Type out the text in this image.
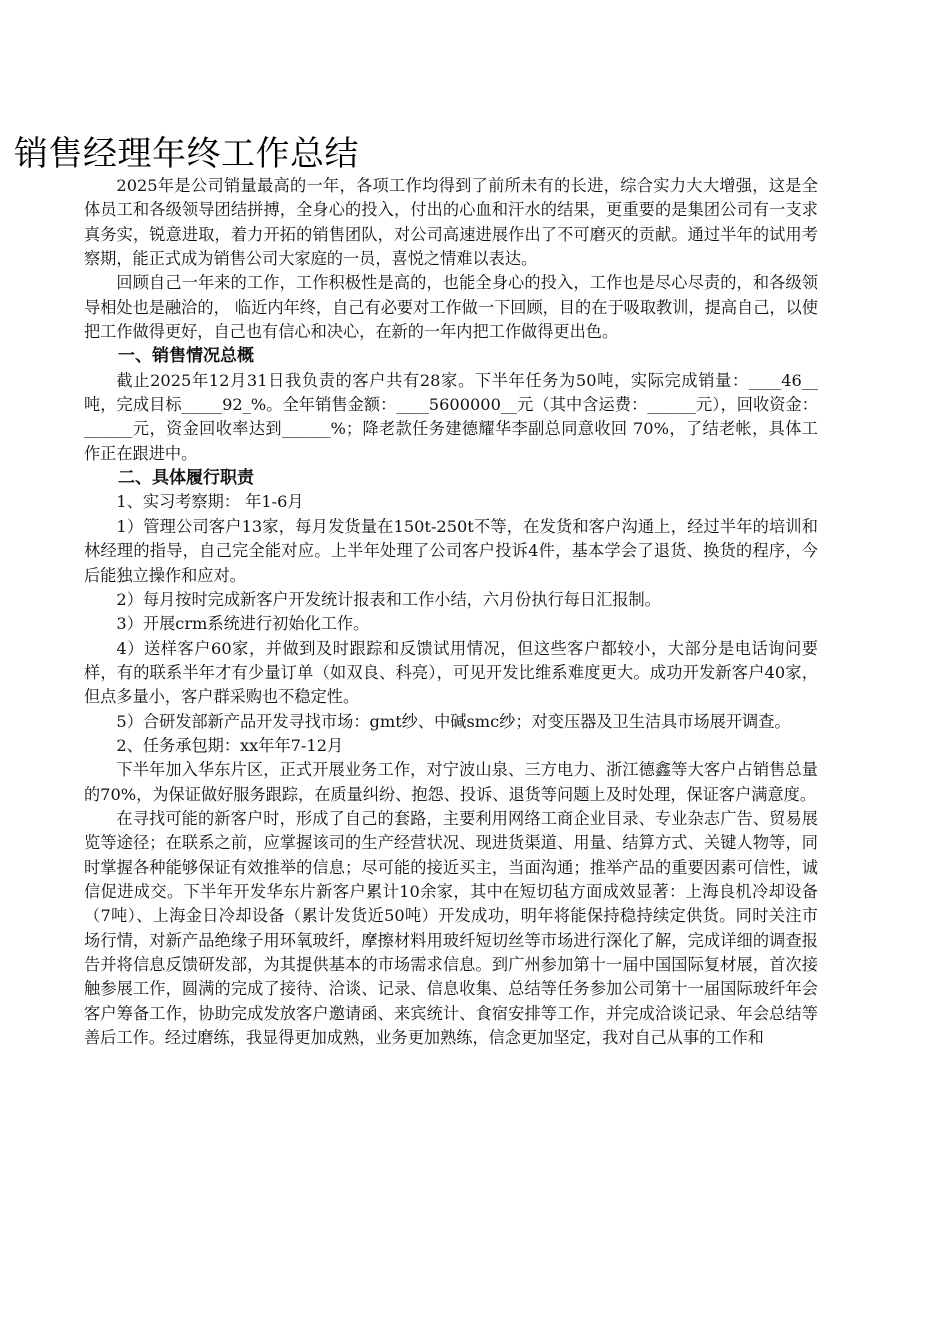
销售经理年终工作总结

2025年是公司销量最高的一年，各项工作均得到了前所未有的长进，综合实力大大增强，这是全体员工和各级领导团结拼搏，全身心的投入，付出的心血和汗水的结果，更重要的是集团公司有一支求真务实，锐意进取，着力开拓的销售团队，对公司高速进展作出了不可磨灭的贡献。通过半年的试用考察期，能正式成为销售公司大家庭的一员，喜悦之情难以表达。

回顾自己一年来的工作，工作积极性是高的，也能全身心的投入，工作也是尽心尽责的，和各级领导相处也是融洽的， 临近内年终，自己有必要对工作做一下回顾，目的在于吸取教训，提高自己，以使把工作做得更好，自己也有信心和决心，在新的一年内把工作做得更出色。

一、销售情况总概

截止2025年12月31日我负责的客户共有28家。下半年任务为50吨，实际完成销量：____46__吨，完成目标_____92_%。全年销售金额：____5600000__元（其中含运费：______元），回收资金：______元，资金回收率达到______%；降老款任务建德耀华李副总同意收回 70%，了结老帐，具体工作正在跟进中。

二、具体履行职责

1、实习考察期： 年1-6月

1）管理公司客户13家，每月发货量在150t-250t不等，在发货和客户沟通上，经过半年的培训和林经理的指导，自己完全能对应。上半年处理了公司客户投诉4件，基本学会了退货、换货的程序，今后能独立操作和应对。

2）每月按时完成新客户开发统计报表和工作小结，六月份执行每日汇报制。

3）开展crm系统进行初始化工作。

4）送样客户60家，并做到及时跟踪和反馈试用情况，但这些客户都较小，大部分是电话询问要样，有的联系半年才有少量订单（如双良、科亮），可见开发比维系难度更大。成功开发新客户40家，但点多量小，客户群采购也不稳定性。

5）合研发部新产品开发寻找市场：gmt纱、中碱smc纱；对变压器及卫生洁具市场展开调查。

2、任务承包期：xx年年7-12月

下半年加入华东片区，正式开展业务工作，对宁波山泉、三方电力、浙江德鑫等大客户占销售总量的70%，为保证做好服务跟踪，在质量纠纷、抱怨、投诉、退货等问题上及时处理，保证客户满意度。

在寻找可能的新客户时，形成了自己的套路，主要利用网络工商企业目录、专业杂志广告、贸易展览等途径；在联系之前，应掌握该司的生产经营状况、现进货渠道、用量、结算方式、关键人物等，同时掌握各种能够保证有效推举的信息；尽可能的接近买主，当面沟通；推举产品的重要因素可信性，诚信促进成交。下半年开发华东片新客户累计10余家，其中在短切毡方面成效显著：上海良机冷却设备（7吨）、上海金日冷却设备（累计发货近50吨）开发成功，明年将能保持稳持续定供货。同时关注市场行情，对新产品绝缘子用环氧玻纤，摩擦材料用玻纤短切丝等市场进行深化了解，完成详细的调查报告并将信息反馈研发部，为其提供基本的市场需求信息。到广州参加第十一届中国国际复材展，首次接触参展工作，圆满的完成了接待、洽谈、记录、信息收集、总结等任务参加公司第十一届国际玻纤年会客户筹备工作，协助完成发放客户邀请函、来宾统计、食宿安排等工作，并完成洽谈记录、年会总结等善后工作。经过磨练，我显得更加成熟，业务更加熟练，信念更加坚定，我对自己从事的工作和
